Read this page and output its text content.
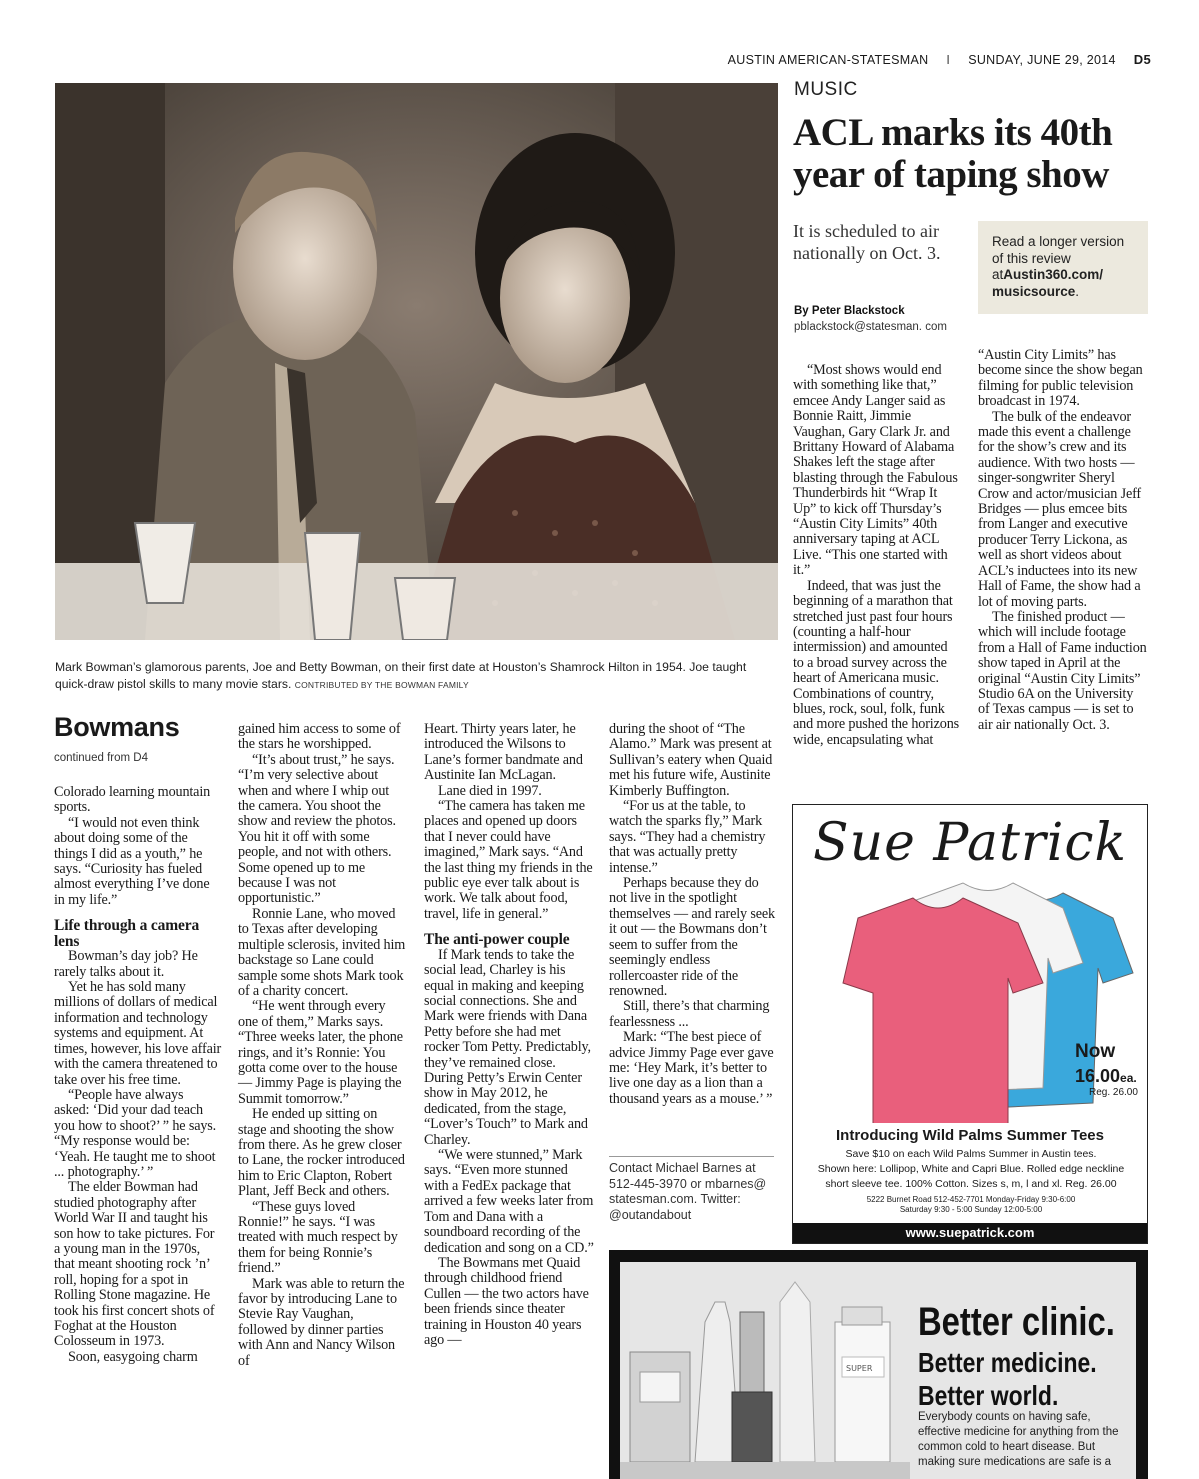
AUSTIN AMERICAN-STATESMAN I SUNDAY, JUNE 29, 2014 D5
Mark Bowman’s glamorous parents, Joe and Betty Bowman, on their first date at Houston’s Shamrock Hilton in 1954. Joe taught quick-draw pistol skills to many movie stars. CONTRIBUTED BY THE BOWMAN FAMILY
MUSIC
ACL marks its 40th year of taping show
It is scheduled to air nationally on Oct. 3.
Read a longer version of this review atAustin360.com/ musicsource.
By Peter Blackstock
pblackstock@statesman. com

“Most shows would end with something like that,” emcee Andy Langer said as Bonnie Raitt, Jimmie Vaughan, Gary Clark Jr. and Brittany Howard of Alabama Shakes left the stage after blasting through the Fabulous Thunderbirds hit “Wrap It Up” to kick off Thursday’s “Austin City Limits” 40th anniversary taping at ACL Live. “This one started with it.”

Indeed, that was just the beginning of a marathon that stretched just past four hours (counting a half-hour intermission) and amounted to a broad survey across the heart of Americana music. Combinations of country, blues, rock, soul, folk, funk and more pushed the horizons wide, encapsulating what

“Austin City Limits” has become since the show began filming for public television broadcast in 1974.

The bulk of the endeavor made this event a challenge for the show’s crew and its audience. With two hosts — singer-songwriter Sheryl Crow and actor/musician Jeff Bridges — plus emcee bits from Langer and executive producer Terry Lickona, as well as short videos about ACL’s inductees into its new Hall of Fame, the show had a lot of moving parts.

The finished product — which will include footage from a Hall of Fame induction show taped in April at the original “Austin City Limits” Studio 6A on the University of Texas campus — is set to air air nationally Oct. 3.

Bowmans
continued from D4

Colorado learning mountain sports.

“I would not even think about doing some of the things I did as a youth,” he says. “Curiosity has fueled almost everything I’ve done in my life.”

Life through a camera lens

Bowman’s day job? He rarely talks about it.

Yet he has sold many millions of dollars of medical information and technology systems and equipment. At times, however, his love affair with the camera threatened to take over his free time.

“People have always asked: ‘Did your dad teach you how to shoot?’ ” he says. “My response would be: ‘Yeah. He taught me to shoot ... photography.’ ”

The elder Bowman had studied photography after World War II and taught his son how to take pictures. For a young man in the 1970s, that meant shooting rock ’n’ roll, hoping for a spot in Rolling Stone magazine. He took his first concert shots of Foghat at the Houston Colosseum in 1973.

Soon, easygoing charm

gained him access to some of the stars he worshipped.

“It’s about trust,” he says. “I’m very selective about when and where I whip out the camera. You shoot the show and review the photos. You hit it off with some people, and not with others. Some opened up to me because I was not opportunistic.”

Ronnie Lane, who moved to Texas after developing multiple sclerosis, invited him backstage so Lane could sample some shots Mark took of a charity concert.

“He went through every one of them,” Marks says. “Three weeks later, the phone rings, and it’s Ronnie: You gotta come over to the house — Jimmy Page is playing the Summit tomorrow.”

He ended up sitting on stage and shooting the show from there. As he grew closer to Lane, the rocker introduced him to Eric Clapton, Robert Plant, Jeff Beck and others.

“These guys loved Ronnie!” he says. “I was treated with much respect by them for being Ronnie’s friend.”

Mark was able to return the favor by introducing Lane to Stevie Ray Vaughan, followed by dinner parties with Ann and Nancy Wilson of

Heart. Thirty years later, he introduced the Wilsons to Lane’s former bandmate and Austinite Ian McLagan.

Lane died in 1997.

“The camera has taken me places and opened up doors that I never could have imagined,” Mark says. “And the last thing my friends in the public eye ever talk about is work. We talk about food, travel, life in general.”

The anti-power couple

If Mark tends to take the social lead, Charley is his equal in making and keeping social connections. She and Mark were friends with Dana Petty before she had met rocker Tom Petty. Predictably, they’ve remained close. During Petty’s Erwin Center show in May 2012, he dedicated, from the stage, “Lover’s Touch” to Mark and Charley.

“We were stunned,” Mark says. “Even more stunned with a FedEx package that arrived a few weeks later from Tom and Dana with a soundboard recording of the dedication and song on a CD.”

The Bowmans met Quaid through childhood friend Cullen — the two actors have been friends since theater training in Houston 40 years ago —

during the shoot of “The Alamo.” Mark was present at Sullivan’s eatery when Quaid met his future wife, Austinite Kimberly Buffington.

“For us at the table, to watch the sparks fly,” Mark says. “They had a chemistry that was actually pretty intense.”

Perhaps because they do not live in the spotlight themselves — and rarely seek it out — the Bowmans don’t seem to suffer from the seemingly endless rollercoaster ride of the renowned.

Still, there’s that charming fearlessness ...

Mark: “The best piece of advice Jimmy Page ever gave me: ‘Hey Mark, it’s better to live one day as a lion than a thousand years as a mouse.’ ”

Contact Michael Barnes at 512-445-3970 or mbarnes@ statesman.com. Twitter: @outandabout
Sue Patrick
Now
16.00ea.
Reg. 26.00
Introducing Wild Palms Summer Tees
Save $10 on each Wild Palms Summer in Austin tees.
Shown here: Lollipop, White and Capri Blue. Rolled edge neckline
short sleeve tee. 100% Cotton. Sizes s, m, l and xl. Reg. 26.00
5222 Burnet Road 512-452-7701 Monday-Friday 9:30-6:00
Saturday 9:30 - 5:00 Sunday 12:00-5:00
www.suepatrick.com
SUPER
Better clinic.
Better medicine.
Better world.
Everybody counts on having safe, effective medicine for anything from the common cold to heart disease. But making sure medications are safe is a
